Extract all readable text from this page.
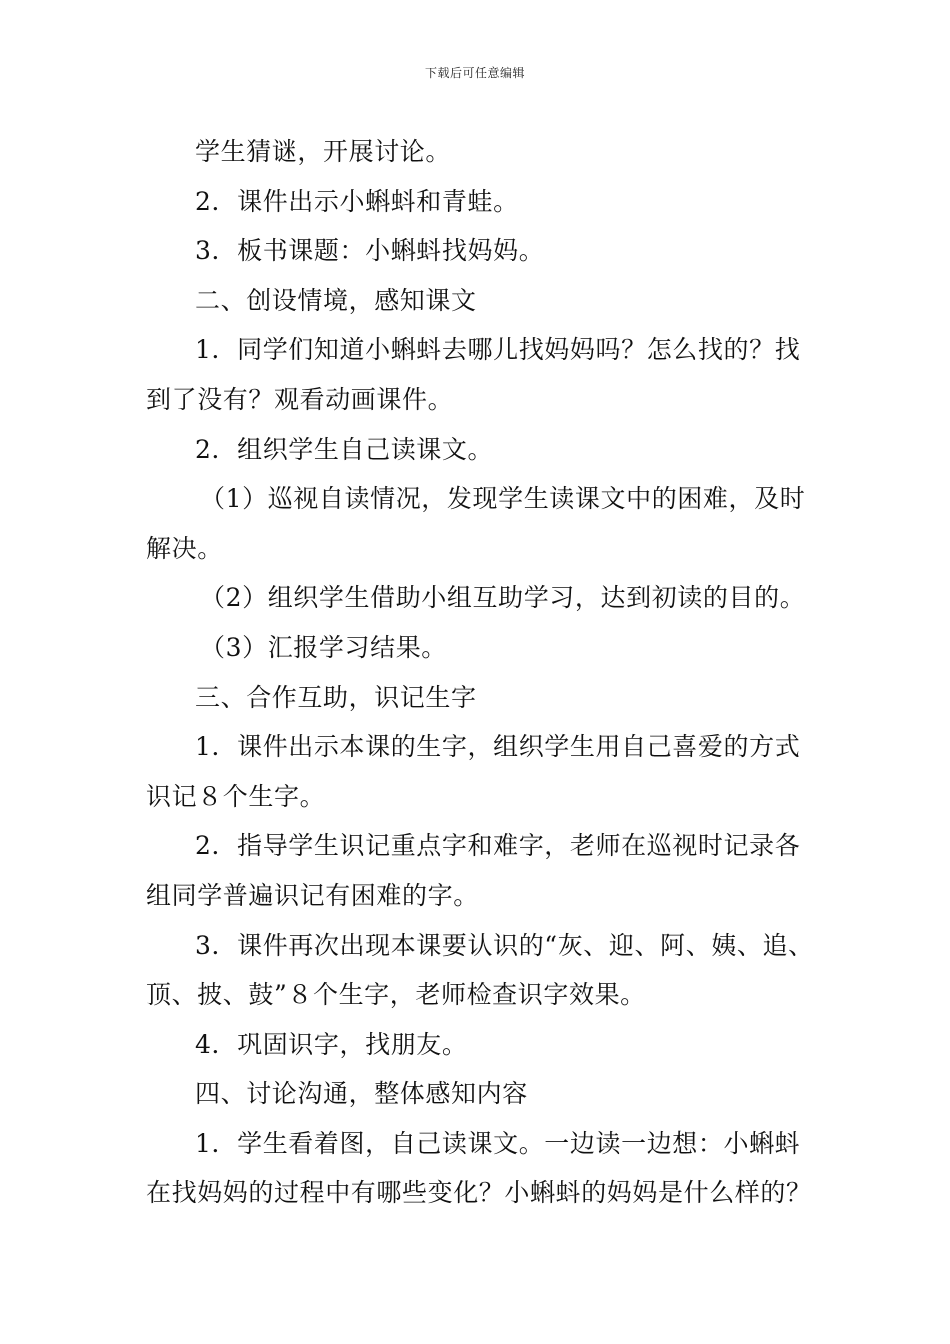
下载后可任意编辑
学生猜谜，开展讨论。
2．课件出示小蝌蚪和青蛙。
3．板书课题：小蝌蚪找妈妈。
二、创设情境，感知课文
1．同学们知道小蝌蚪去哪儿找妈妈吗？怎么找的？找
到了没有？观看动画课件。
2．组织学生自己读课文。
（1）巡视自读情况，发现学生读课文中的困难，及时
解决。
（2）组织学生借助小组互助学习，达到初读的目的。
（3）汇报学习结果。
三、合作互助，识记生字
1．课件出示本课的生字，组织学生用自己喜爱的方式
识记８个生字。
2．指导学生识记重点字和难字，老师在巡视时记录各
组同学普遍识记有困难的字。
3．课件再次出现本课要认识的“灰、迎、阿、姨、追、
顶、披、鼓”８个生字，老师检查识字效果。
4．巩固识字，找朋友。
四、讨论沟通，整体感知内容
1．学生看着图，自己读课文。一边读一边想：小蝌蚪
在找妈妈的过程中有哪些变化？小蝌蚪的妈妈是什么样的？
